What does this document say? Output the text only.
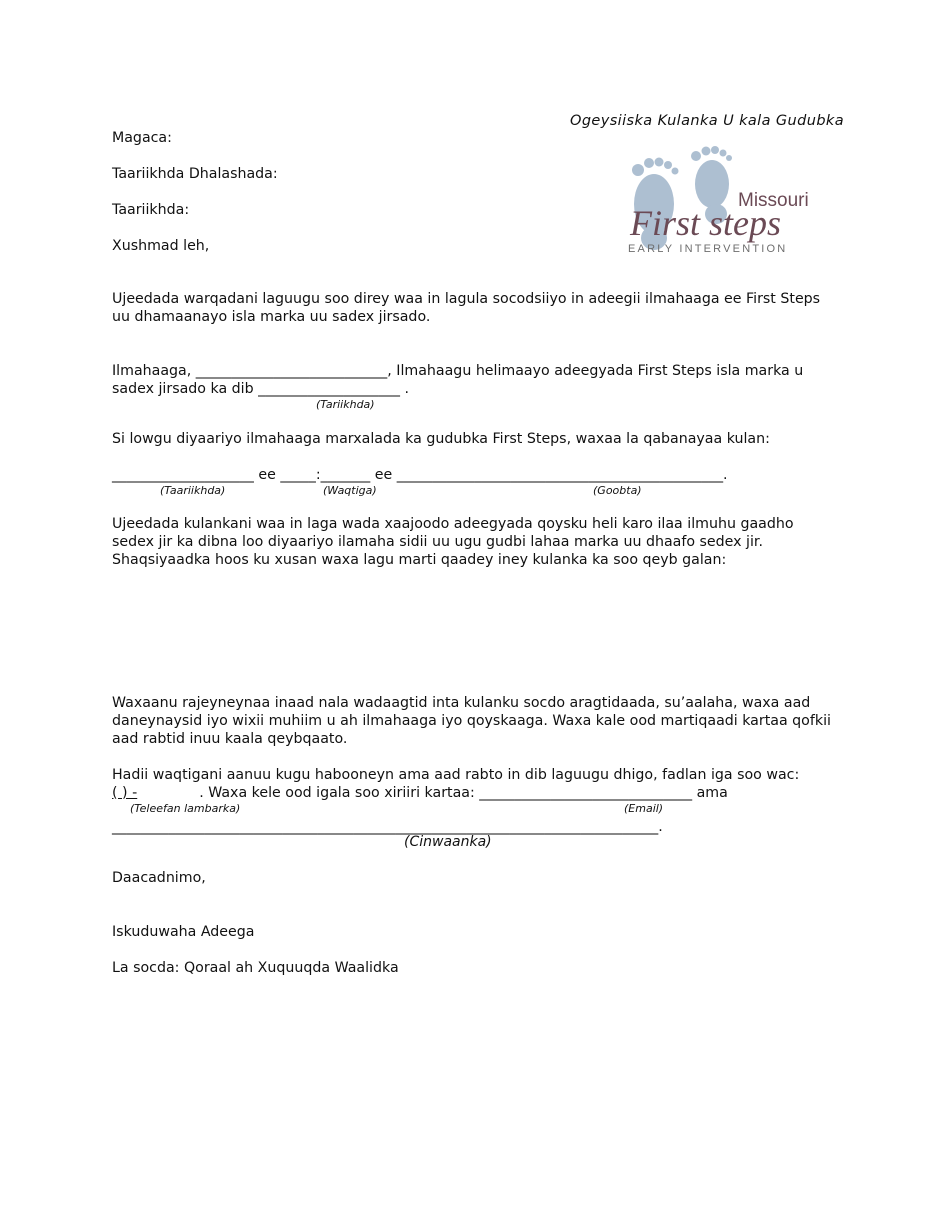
Ogeysiiska Kulanka U kala Gudubka
Missouri
First steps
EARLY INTERVENTION
Magaca:
Taariikhda Dhalashada:
Taariikhda:
Xushmad leh,
Ujeedada warqadani laguugu soo direy waa in lagula socodsiiyo in adeegii ilmahaaga ee First Steps uu dhamaanayo isla marka uu sadex jirsado.
Ilmahaaga, ___________________________, Ilmahaagu helimaayo adeegyada First Steps isla marka u
sadex jirsado ka dib ____________________ .
(Tariikhda)
Si lowgu diyaariyo ilmahaaga marxalada ka gudubka First Steps, waxaa la qabanayaa kulan:
____________________ ee _____:_______ ee ______________________________________________.
(Taariikhda)	(Waqtiga)	(Goobta)
Ujeedada kulankani waa in laga wada xaajoodo adeegyada qoysku heli karo ilaa ilmuhu gaadho sedex jir ka dibna loo diyaariyo ilamaha sidii uu ugu gudbi lahaa marka uu dhaafo sedex jir. Shaqsiyaadka hoos ku xusan waxa lagu marti qaadey iney kulanka ka soo qeyb galan:
Waxaanu rajeyneynaa inaad nala wadaagtid inta kulanku socdo aragtidaada, su’aalaha, waxa aad daneynaysid iyo wixii muhiim u ah ilmahaaga iyo qoyskaaga. Waxa kale ood martiqaadi kartaa qofkii aad rabtid inuu kaala qeybqaato.
Hadii waqtigani aanuu kugu habooneyn ama aad rabto in dib laguugu dhigo, fadlan iga soo wac:
( ) -	. Waxa kele ood igala soo xiriiri kartaa: ______________________________ ama
(Teleefan lambarka)	(Email)
_____________________________________________________________________________.
(Cinwaanka)
Daacadnimo,
Iskuduwaha Adeega
La socda: Qoraal ah Xuquuqda Waalidka
